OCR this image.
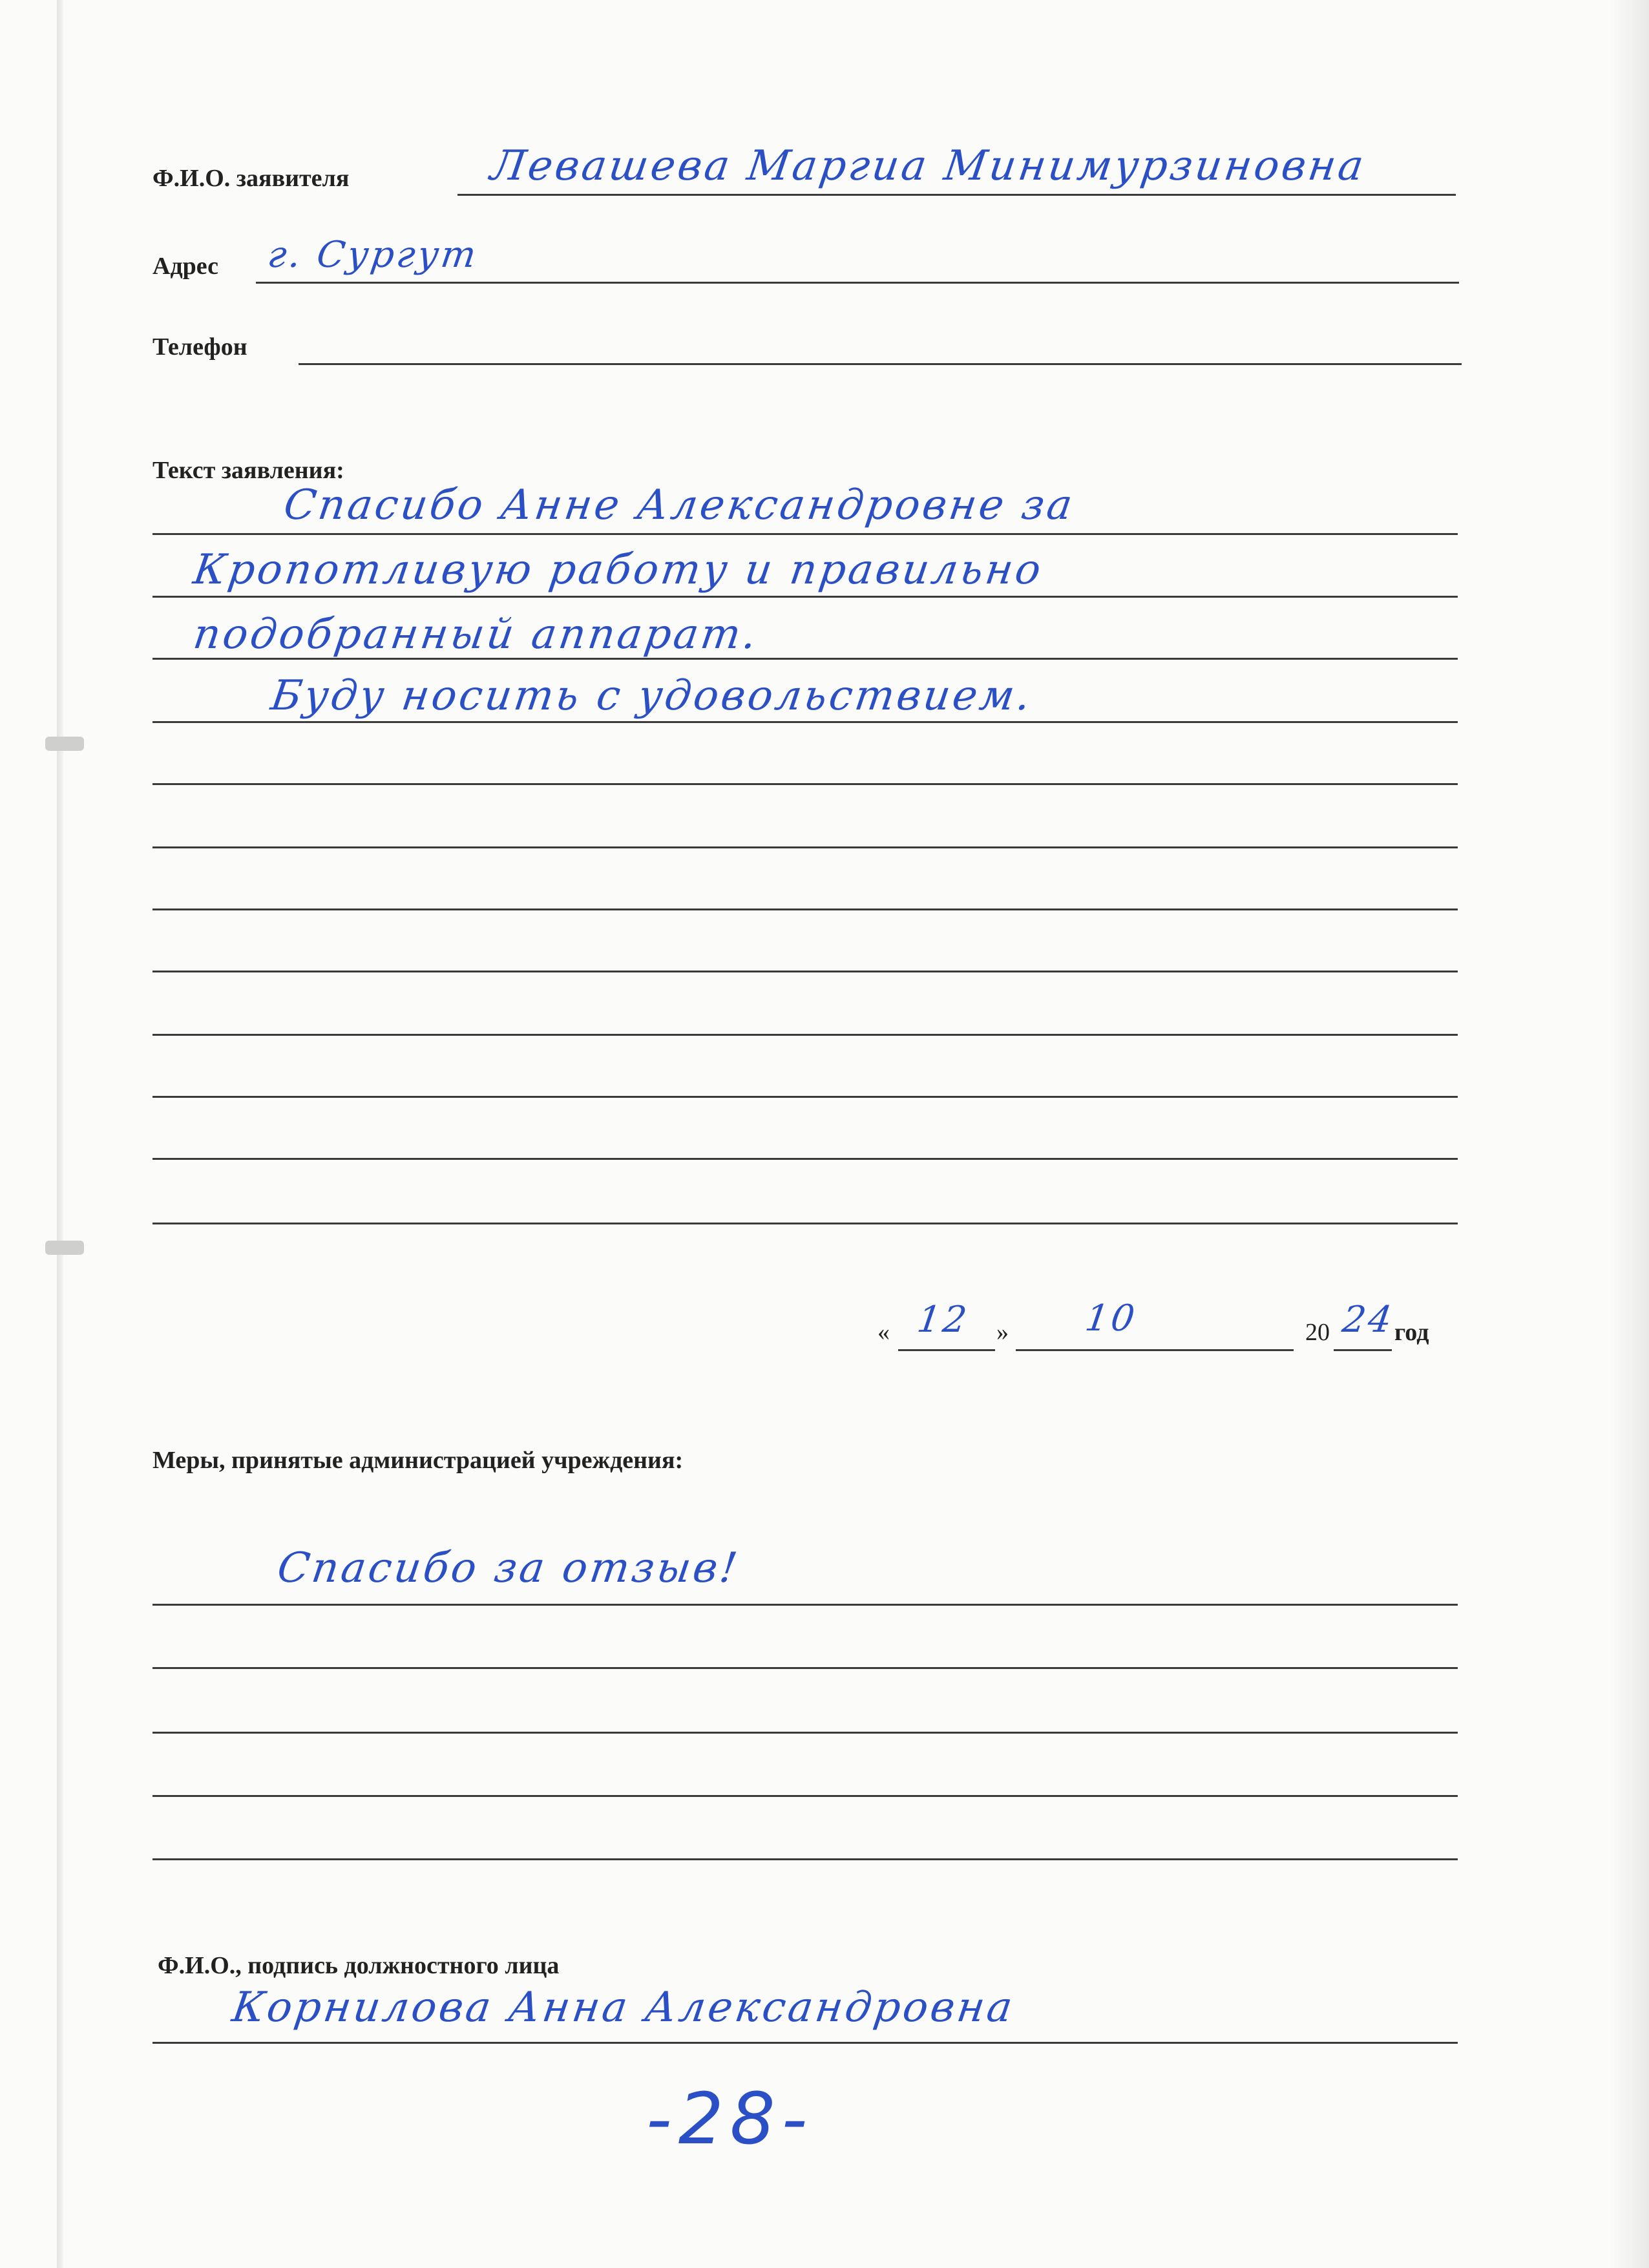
Ф.И.О. заявителя	Левашева Маргиа Минимурзиновна
Адрес г. Сургут
Телефон
Текст заявления:
Спасибо Анне Александровне за
Кропотливую работу и правильно
подобранный аппарат.
Буду носить с удовольствием.
« 12 » 10	20 24
год
Меры, принятые администрацией учреждения:
Спасибо за отзыв!
Ф.И.О., подпись должностного лица
Корнилова Анна Александровна
-28-
